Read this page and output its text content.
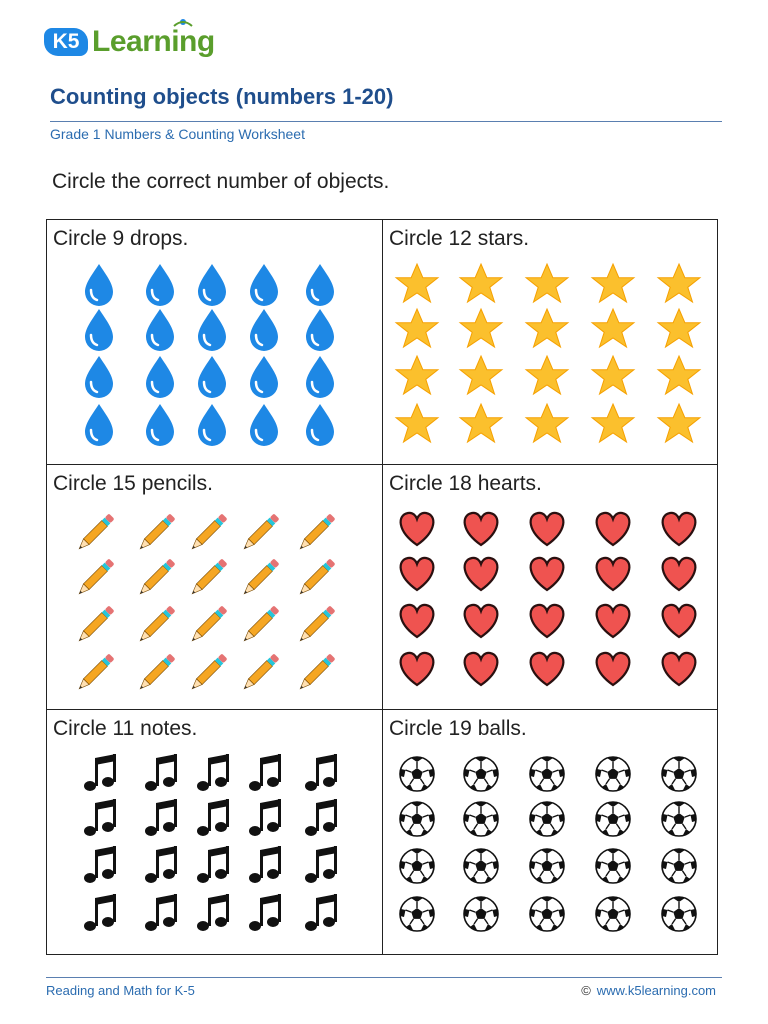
K5 Learning
Counting objects (numbers 1-20)
Grade 1 Numbers & Counting Worksheet
Circle the correct number of objects.
Circle 9 drops.	Circle 12 stars.
Circle 15 pencils.	Circle 18 hearts.
Circle 11 notes.	Circle 19 balls.
Reading and Math for K-5	© www.k5learning.com
